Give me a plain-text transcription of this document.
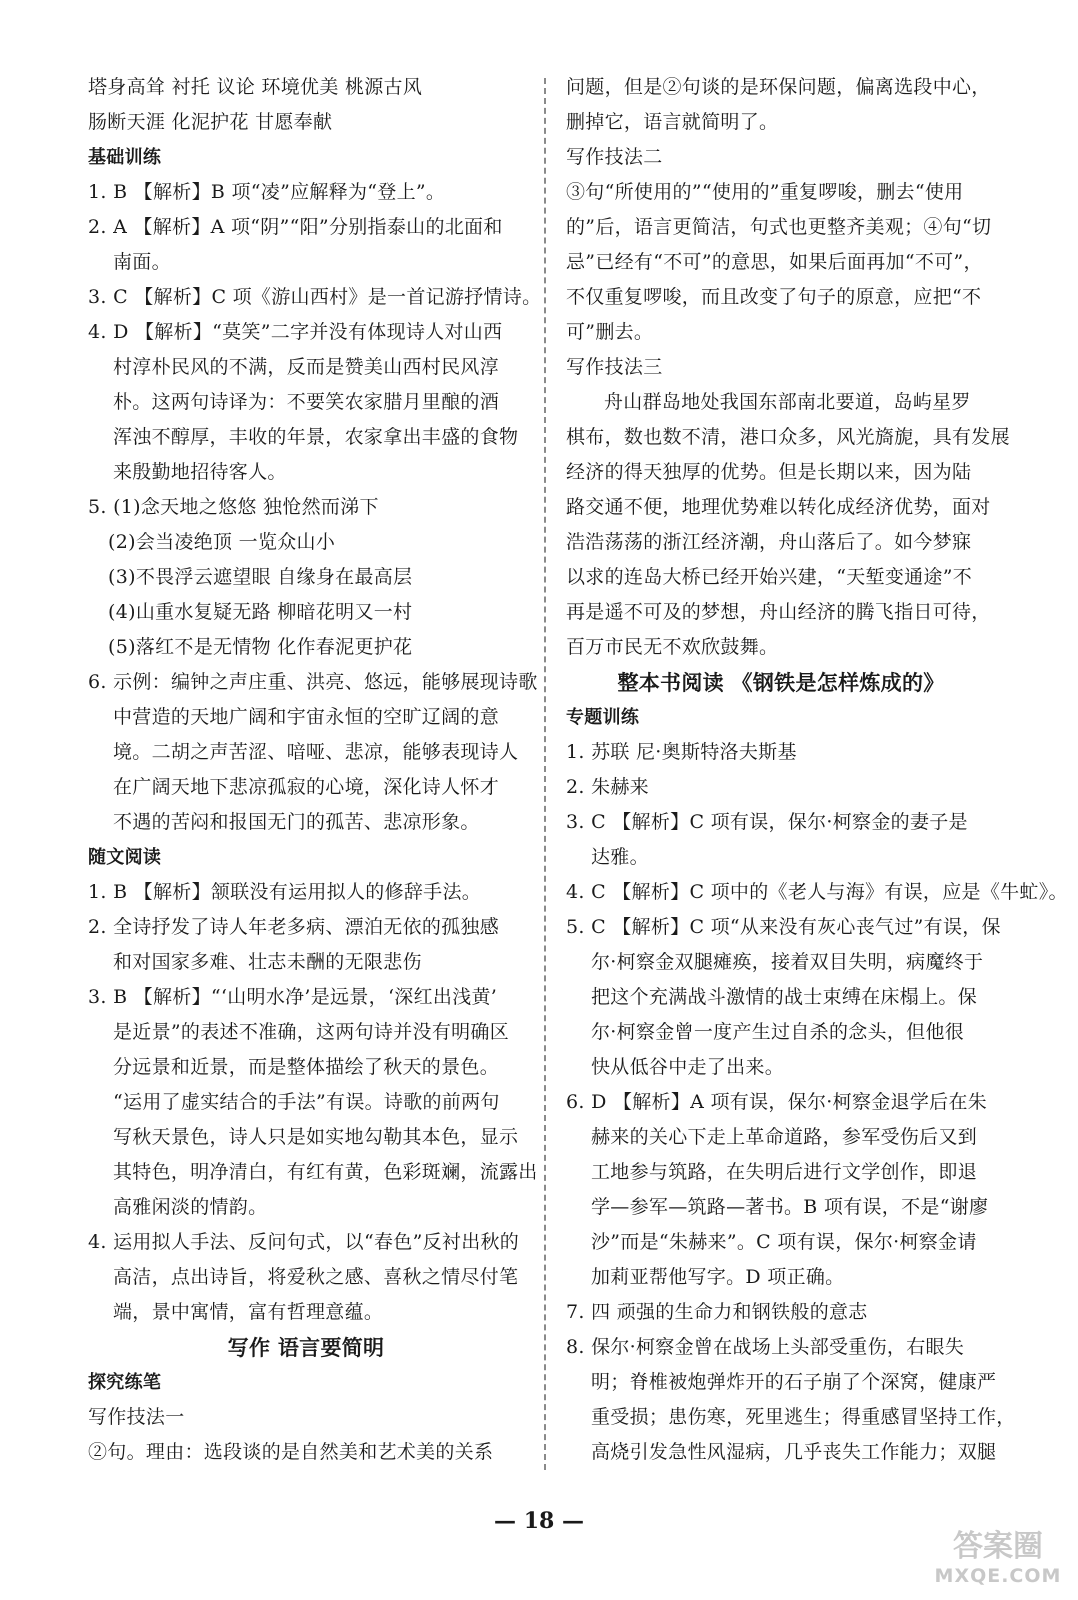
塔身高耸 衬托 议论 环境优美 桃源古风
肠断天涯 化泥护花 甘愿奉献
基础训练
1. B 【解析】B 项“凌”应解释为“登上”。
2. A 【解析】A 项“阴”“阳”分别指泰山的北面和
南面。
3. C 【解析】C 项《游山西村》是一首记游抒情诗。
4. D 【解析】“莫笑”二字并没有体现诗人对山西
村淳朴民风的不满，反而是赞美山西村民风淳
朴。这两句诗译为：不要笑农家腊月里酿的酒
浑浊不醇厚，丰收的年景，农家拿出丰盛的食物
来殷勤地招待客人。
5. (1)念天地之悠悠 独怆然而涕下
(2)会当凌绝顶 一览众山小
(3)不畏浮云遮望眼 自缘身在最高层
(4)山重水复疑无路 柳暗花明又一村
(5)落红不是无情物 化作春泥更护花
6. 示例：编钟之声庄重、洪亮、悠远，能够展现诗歌
中营造的天地广阔和宇宙永恒的空旷辽阔的意
境。二胡之声苦涩、喑哑、悲凉，能够表现诗人
在广阔天地下悲凉孤寂的心境，深化诗人怀才
不遇的苦闷和报国无门的孤苦、悲凉形象。
随文阅读
1. B 【解析】颔联没有运用拟人的修辞手法。
2. 全诗抒发了诗人年老多病、漂泊无依的孤独感
和对国家多难、壮志未酬的无限悲伤
3. B 【解析】“‘山明水净’是远景，‘深红出浅黄’
是近景”的表述不准确，这两句诗并没有明确区
分远景和近景，而是整体描绘了秋天的景色。
“运用了虚实结合的手法”有误。诗歌的前两句
写秋天景色，诗人只是如实地勾勒其本色，显示
其特色，明净清白，有红有黄，色彩斑斓，流露出
高雅闲淡的情韵。
4. 运用拟人手法、反问句式，以“春色”反衬出秋的
高洁，点出诗旨，将爱秋之感、喜秋之情尽付笔
端，景中寓情，富有哲理意蕴。
写作 语言要简明
探究练笔
写作技法一
②句。理由：选段谈的是自然美和艺术美的关系
问题，但是②句谈的是环保问题，偏离选段中心，
删掉它，语言就简明了。
写作技法二
③句“所使用的”“使用的”重复啰唆，删去“使用
的”后，语言更简洁，句式也更整齐美观；④句“切
忌”已经有“不可”的意思，如果后面再加“不可”，
不仅重复啰唆，而且改变了句子的原意，应把“不
可”删去。
写作技法三
舟山群岛地处我国东部南北要道，岛屿星罗
棋布，数也数不清，港口众多，风光旖旎，具有发展
经济的得天独厚的优势。但是长期以来，因为陆
路交通不便，地理优势难以转化成经济优势，面对
浩浩荡荡的浙江经济潮，舟山落后了。如今梦寐
以求的连岛大桥已经开始兴建，“天堑变通途”不
再是遥不可及的梦想，舟山经济的腾飞指日可待，
百万市民无不欢欣鼓舞。
整本书阅读 《钢铁是怎样炼成的》
专题训练
1. 苏联 尼·奥斯特洛夫斯基
2. 朱赫来
3. C 【解析】C 项有误，保尔·柯察金的妻子是
达雅。
4. C 【解析】C 项中的《老人与海》有误，应是《牛虻》。
5. C 【解析】C 项“从来没有灰心丧气过”有误，保
尔·柯察金双腿瘫痪，接着双目失明，病魔终于
把这个充满战斗激情的战士束缚在床榻上。保
尔·柯察金曾一度产生过自杀的念头，但他很
快从低谷中走了出来。
6. D 【解析】A 项有误，保尔·柯察金退学后在朱
赫来的关心下走上革命道路，参军受伤后又到
工地参与筑路，在失明后进行文学创作，即退
学—参军—筑路—著书。B 项有误，不是“谢廖
沙”而是“朱赫来”。C 项有误，保尔·柯察金请
加莉亚帮他写字。D 项正确。
7. 四 顽强的生命力和钢铁般的意志
8. 保尔·柯察金曾在战场上头部受重伤，右眼失
明；脊椎被炮弹炸开的石子崩了个深窝，健康严
重受损；患伤寒，死里逃生；得重感冒坚持工作，
高烧引发急性风湿病，几乎丧失工作能力；双腿
— 18 —
答案圈
MXQE.COM
